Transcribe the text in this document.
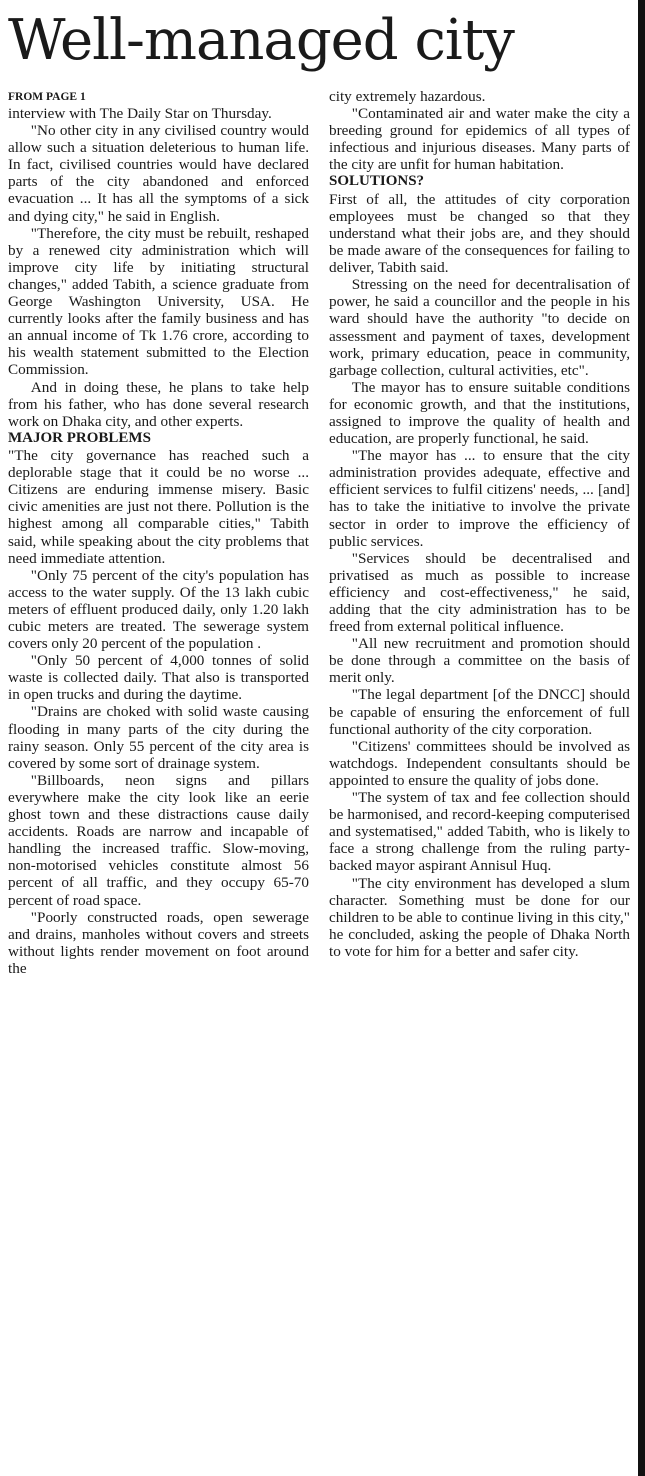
Well-managed city
FROM PAGE 1

interview with The Daily Star on Thursday.

"No other city in any civilised country would allow such a situation deleterious to human life. In fact, civilised countries would have declared parts of the city abandoned and enforced evacuation ... It has all the symptoms of a sick and dying city," he said in English.

"Therefore, the city must be rebuilt, reshaped by a renewed city administration which will improve city life by initiating structural changes," added Tabith, a science graduate from George Washington University, USA. He currently looks after the family business and has an annual income of Tk 1.76 crore, according to his wealth statement submitted to the Election Commission.

And in doing these, he plans to take help from his father, who has done several research work on Dhaka city, and other experts.

MAJOR PROBLEMS

"The city governance has reached such a deplorable stage that it could be no worse ... Citizens are enduring immense misery. Basic civic amenities are just not there. Pollution is the highest among all comparable cities," Tabith said, while speaking about the city problems that need immediate attention.

"Only 75 percent of the city's population has access to the water supply. Of the 13 lakh cubic meters of effluent produced daily, only 1.20 lakh cubic meters are treated. The sewerage system covers only 20 percent of the population .

"Only 50 percent of 4,000 tonnes of solid waste is collected daily. That also is transported in open trucks and during the daytime.

"Drains are choked with solid waste causing flooding in many parts of the city during the rainy season. Only 55 percent of the city area is covered by some sort of drainage system.

"Billboards, neon signs and pillars everywhere make the city look like an eerie ghost town and these distractions cause daily accidents. Roads are narrow and incapable of handling the increased traffic. Slow-moving, non-motorised vehicles constitute almost 56 percent of all traffic, and they occupy 65-70 percent of road space.

"Poorly constructed roads, open sewerage and drains, manholes without covers and streets without lights render movement on foot around the

city extremely hazardous.

"Contaminated air and water make the city a breeding ground for epidemics of all types of infectious and injurious diseases. Many parts of the city are unfit for human habitation.

SOLUTIONS?

First of all, the attitudes of city corporation employees must be changed so that they understand what their jobs are, and they should be made aware of the consequences for failing to deliver, Tabith said.

Stressing on the need for decentralisation of power, he said a councillor and the people in his ward should have the authority "to decide on assessment and payment of taxes, development work, primary education, peace in community, garbage collection, cultural activities, etc".

The mayor has to ensure suitable conditions for economic growth, and that the institutions, assigned to improve the quality of health and education, are properly functional, he said.

"The mayor has ... to ensure that the city administration provides adequate, effective and efficient services to fulfil citizens' needs, ... [and] has to take the initiative to involve the private sector in order to improve the efficiency of public services.

"Services should be decentralised and privatised as much as possible to increase efficiency and cost-effectiveness," he said, adding that the city administration has to be freed from external political influence.

"All new recruitment and promotion should be done through a committee on the basis of merit only.

"The legal department [of the DNCC] should be capable of ensuring the enforcement of full functional authority of the city corporation.

"Citizens' committees should be involved as watchdogs. Independent consultants should be appointed to ensure the quality of jobs done.

"The system of tax and fee collection should be harmonised, and record-keeping computerised and systematised," added Tabith, who is likely to face a strong challenge from the ruling party-backed mayor aspirant Annisul Huq.

"The city environment has developed a slum character. Something must be done for our children to be able to continue living in this city," he concluded, asking the people of Dhaka North to vote for him for a better and safer city.
